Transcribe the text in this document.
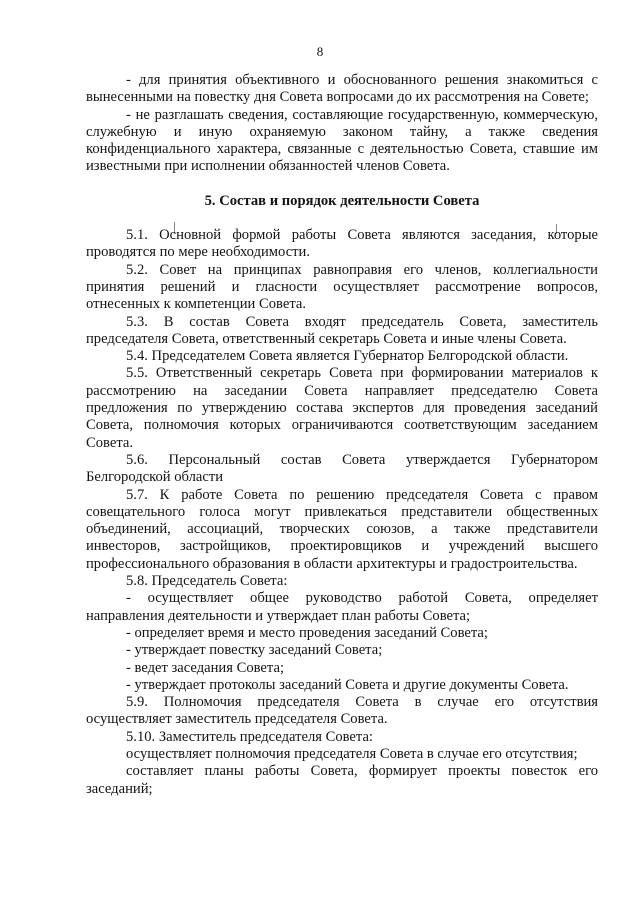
8

- для принятия объективного и обоснованного решения знакомиться с вынесенными на повестку дня Совета вопросами до их рассмотрения на Совете;

- не разглашать сведения, составляющие государственную, коммерческую, служебную и иную охраняемую законом тайну, а также сведения конфиденциального характера, связанные с деятельностью Совета, ставшие им известными при исполнении обязанностей членов Совета.

5. Состав и порядок деятельности Совета

5.1. Основной формой работы Совета являются заседания, которые проводятся по мере необходимости.

5.2. Совет на принципах равноправия его членов, коллегиальности принятия решений и гласности осуществляет рассмотрение вопросов, отнесенных к компетенции Совета.

5.3. В состав Совета входят председатель Совета, заместитель председателя Совета, ответственный секретарь Совета и иные члены Совета.

5.4. Председателем Совета является Губернатор Белгородской области.

5.5. Ответственный секретарь Совета при формировании материалов к рассмотрению на заседании Совета направляет председателю Совета предложения по утверждению состава экспертов для проведения заседаний Совета, полномочия которых ограничиваются соответствующим заседанием Совета.

5.6. Персональный состав Совета утверждается Губернатором Белгородской области

5.7. К работе Совета по решению председателя Совета с правом совещательного голоса могут привлекаться представители общественных объединений, ассоциаций, творческих союзов, а также представители инвесторов, застройщиков, проектировщиков и учреждений высшего профессионального образования в области архитектуры и градостроительства.

5.8. Председатель Совета:

- осуществляет общее руководство работой Совета, определяет направления деятельности и утверждает план работы Совета;

- определяет время и место проведения заседаний Совета;

- утверждает повестку заседаний Совета;

- ведет заседания Совета;

- утверждает протоколы заседаний Совета и другие документы Совета.

5.9. Полномочия председателя Совета в случае его отсутствия осуществляет заместитель председателя Совета.

5.10. Заместитель председателя Совета:

осуществляет полномочия председателя Совета в случае его отсутствия;

составляет планы работы Совета, формирует проекты повесток его заседаний;
